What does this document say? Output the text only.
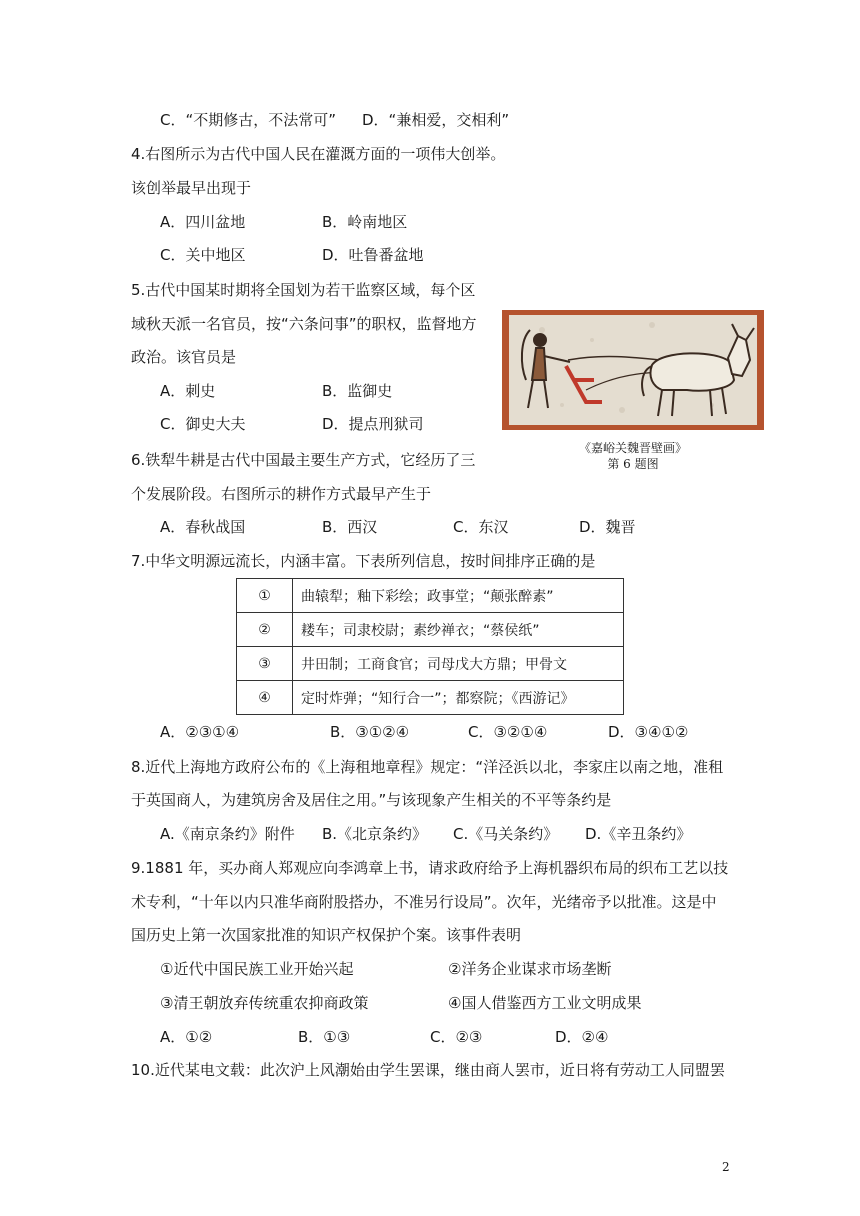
C．“不期修古，不法常可” D．“兼相爱，交相利”
4.右图所示为古代中国人民在灌溉方面的一项伟大创举。
该创举最早出现于
A．四川盆地	B．岭南地区
C．关中地区	D．吐鲁番盆地
5.古代中国某时期将全国划为若干监察区域，每个区
域秋天派一名官员，按“六条问事”的职权，监督地方
政治。该官员是
A．刺史	B．监御史
C．御史大夫	D．提点刑狱司
《嘉峪关魏晋壁画》
第 6 题图
6.铁犁牛耕是古代中国最主要生产方式，它经历了三
个发展阶段。右图所示的耕作方式最早产生于
A．春秋战国	B．西汉	C．东汉	D．魏晋
7.中华文明源远流长，内涵丰富。下表所列信息，按时间排序正确的是
①	曲辕犁；釉下彩绘；政事堂；“颠张醉素”
②	耧车；司隶校尉；素纱禅衣；“蔡侯纸”
③	井田制；工商食官；司母戊大方鼎；甲骨文
④	定时炸弹；“知行合一”；都察院；《西游记》
A．②③①④	B．③①②④	C．③②①④	D．③④①②
8.近代上海地方政府公布的《上海租地章程》规定：“洋泾浜以北，李家庄以南之地，准租
于英国商人，为建筑房舍及居住之用。”与该现象产生相关的不平等条约是
A.《南京条约》附件 B.《北京条约》 C.《马关条约》 D.《辛丑条约》
9.1881 年，买办商人郑观应向李鸿章上书，请求政府给予上海机器织布局的织布工艺以技
术专利，“十年以内只准华商附股搭办，不准另行设局”。次年，光绪帝予以批准。这是中
国历史上第一次国家批准的知识产权保护个案。该事件表明
①近代中国民族工业开始兴起	②洋务企业谋求市场垄断
③清王朝放弃传统重农抑商政策	④国人借鉴西方工业文明成果
A．①②	B．①③	C．②③	D．②④
10.近代某电文载：此次沪上风潮始由学生罢课，继由商人罢市，近日将有劳动工人同盟罢
2
